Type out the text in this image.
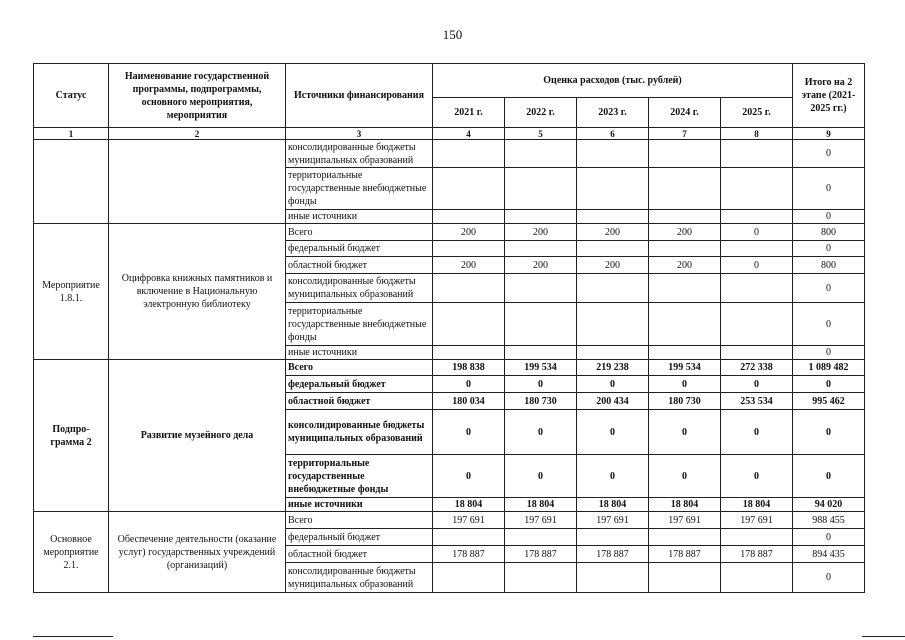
150
Статус	Наименование государственной программы, подпрограммы, основного мероприятия, мероприятия	Источники финансирования	Оценка расходов (тыс. рублей)					Итого на 2 этапе (2021-2025 гг.)
			2021 г.	2022 г.	2023 г.	2024 г.	2025 г.	
1	2	3	4	5	6	7	8	9
		консолидированные бюджеты муниципальных образований						0
		территориальные государственные внебюджетные фонды						0
		иные источники						0
Мероприятие 1.8.1.	Оцифровка книжных памятников и включение в Национальную электронную библиотеку	Всего	200	200	200	200	0	800
		федеральный бюджет						0
		областной бюджет	200	200	200	200	0	800
		консолидированные бюджеты муниципальных образований						0
		территориальные государственные внебюджетные фонды						0
		иные источники						0
Подпро-грамма 2	Развитие музейного дела	Всего	198 838	199 534	219 238	199 534	272 338	1 089 482
		федеральный бюджет	0	0	0	0	0	0
		областной бюджет	180 034	180 730	200 434	180 730	253 534	995 462
		консолидированные бюджеты муниципальных образований	0	0	0	0	0	0
		территориальные государственные внебюджетные фонды	0	0	0	0	0	0
		иные источники	18 804	18 804	18 804	18 804	18 804	94 020
Основное мероприятие 2.1.	Обеспечение деятельности (оказание услуг) государственных учреждений (организаций)	Всего	197 691	197 691	197 691	197 691	197 691	988 455
		федеральный бюджет						0
		областной бюджет	178 887	178 887	178 887	178 887	178 887	894 435
		консолидированные бюджеты муниципальных образований						0
